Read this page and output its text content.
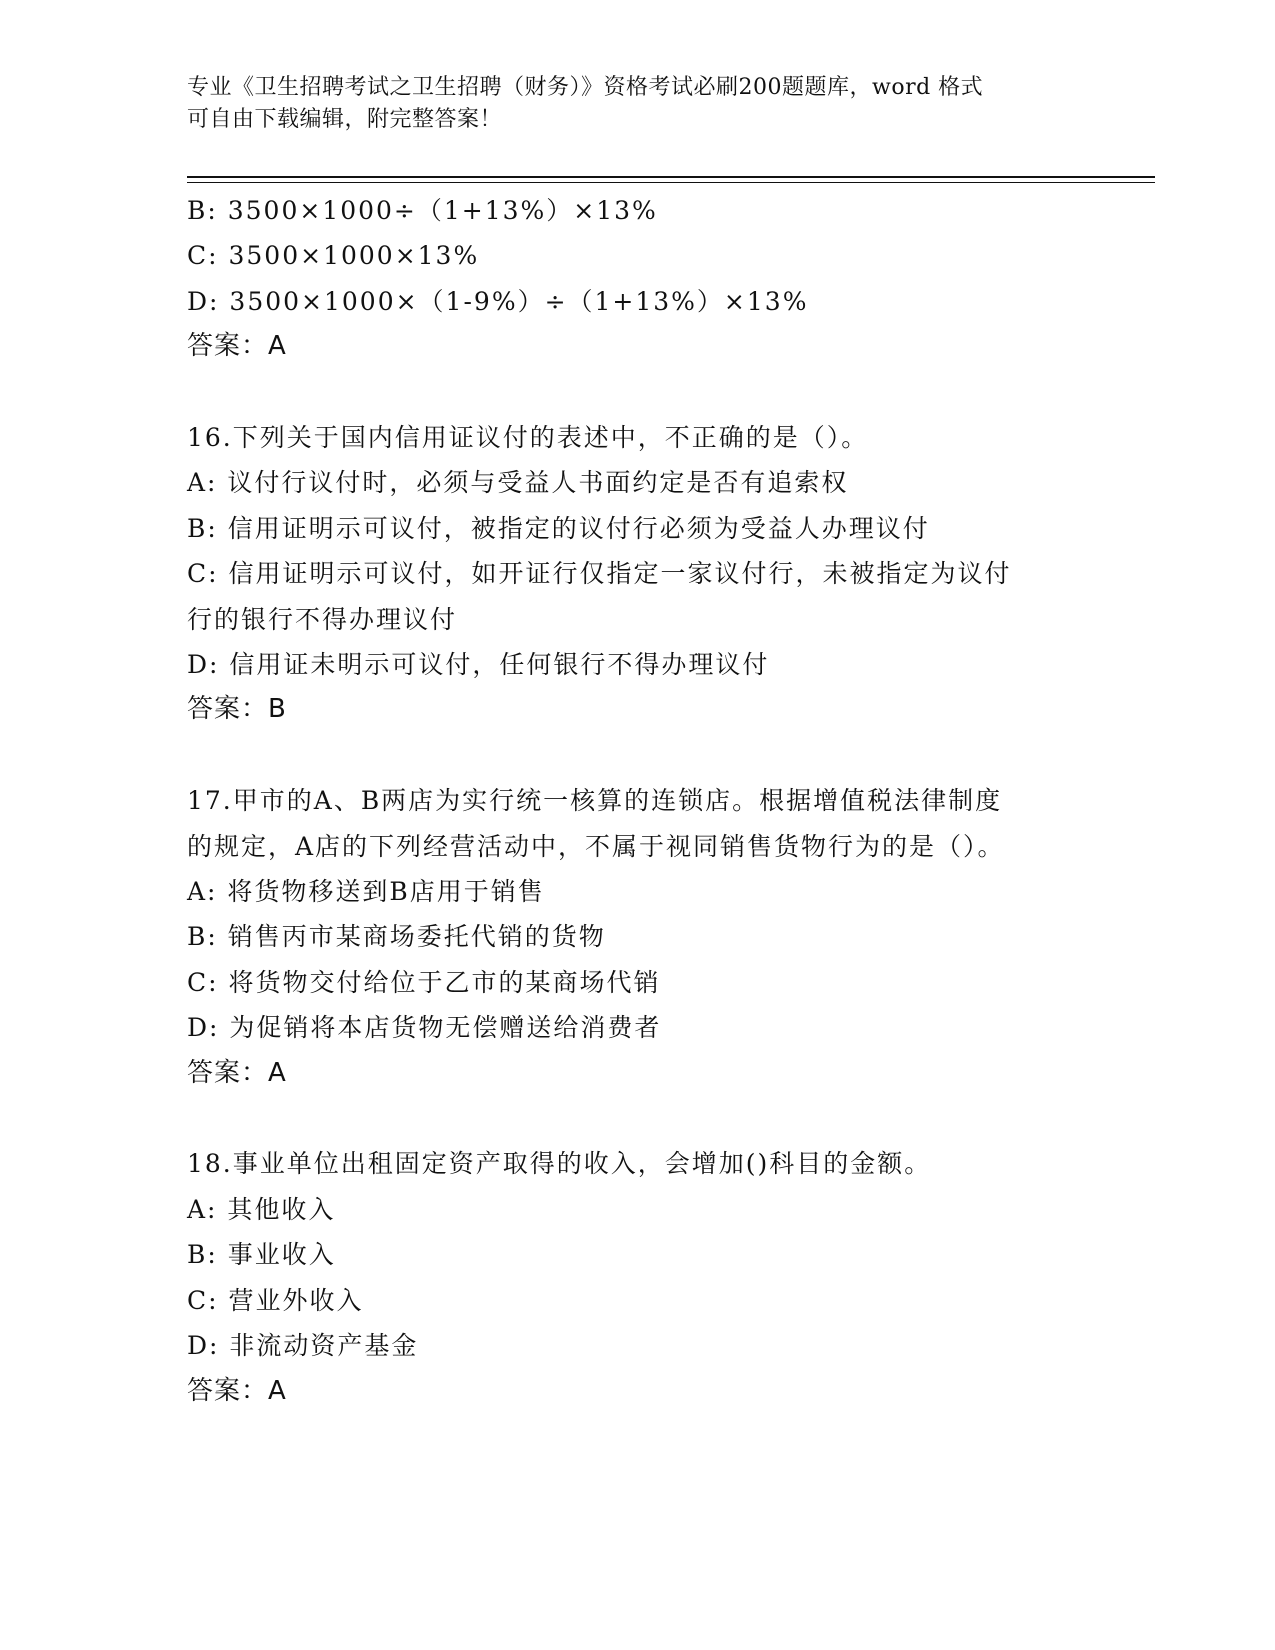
专业《卫生招聘考试之卫生招聘（财务）》资格考试必刷200题题库，word 格式
可自由下载编辑，附完整答案！
B: 3500×1000÷（1+13%）×13%
C: 3500×1000×13%
D: 3500×1000×（1-9%）÷（1+13%）×13%
答案：A
16.下列关于国内信用证议付的表述中，不正确的是（）。
A: 议付行议付时，必须与受益人书面约定是否有追索权
B: 信用证明示可议付，被指定的议付行必须为受益人办理议付
C: 信用证明示可议付，如开证行仅指定一家议付行，未被指定为议付
行的银行不得办理议付
D: 信用证未明示可议付，任何银行不得办理议付
答案：B
17.甲市的A、B两店为实行统一核算的连锁店。根据增值税法律制度
的规定，A店的下列经营活动中，不属于视同销售货物行为的是（）。
A: 将货物移送到B店用于销售
B: 销售丙市某商场委托代销的货物
C: 将货物交付给位于乙市的某商场代销
D: 为促销将本店货物无偿赠送给消费者
答案：A
18.事业单位出租固定资产取得的收入，会增加()科目的金额。
A: 其他收入
B: 事业收入
C: 营业外收入
D: 非流动资产基金
答案：A
